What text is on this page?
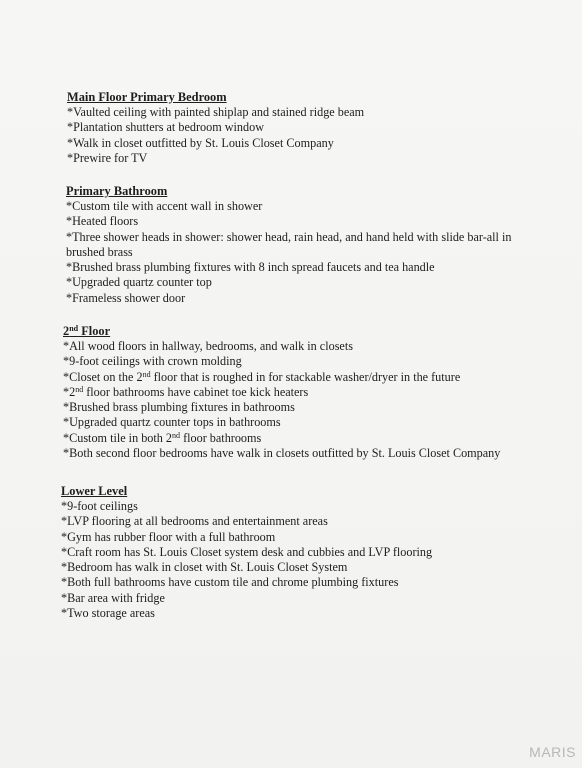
Main Floor Primary Bedroom
*Vaulted ceiling with painted shiplap and stained ridge beam
*Plantation shutters at bedroom window
*Walk in closet outfitted by St. Louis Closet Company
*Prewire for TV
Primary Bathroom
*Custom tile with accent wall in shower
*Heated floors
*Three shower heads in shower: shower head, rain head, and hand held with slide bar-all in brushed brass
*Brushed brass plumbing fixtures with 8 inch spread faucets and tea handle
*Upgraded quartz counter top
*Frameless shower door
2nd Floor
*All wood floors in hallway, bedrooms, and walk in closets
*9-foot ceilings with crown molding
*Closet on the 2nd floor that is roughed in for stackable washer/dryer in the future
*2nd floor bathrooms have cabinet toe kick heaters
*Brushed brass plumbing fixtures in bathrooms
*Upgraded quartz counter tops in bathrooms
*Custom tile in both 2nd floor bathrooms
*Both second floor bedrooms have walk in closets outfitted by St. Louis Closet Company
Lower Level
*9-foot ceilings
*LVP flooring at all bedrooms and entertainment areas
*Gym has rubber floor with a full bathroom
*Craft room has St. Louis Closet system desk and cubbies and LVP flooring
*Bedroom has walk in closet with St. Louis Closet System
*Both full bathrooms have custom tile and chrome plumbing fixtures
*Bar area with fridge
*Two storage areas
MARIS
